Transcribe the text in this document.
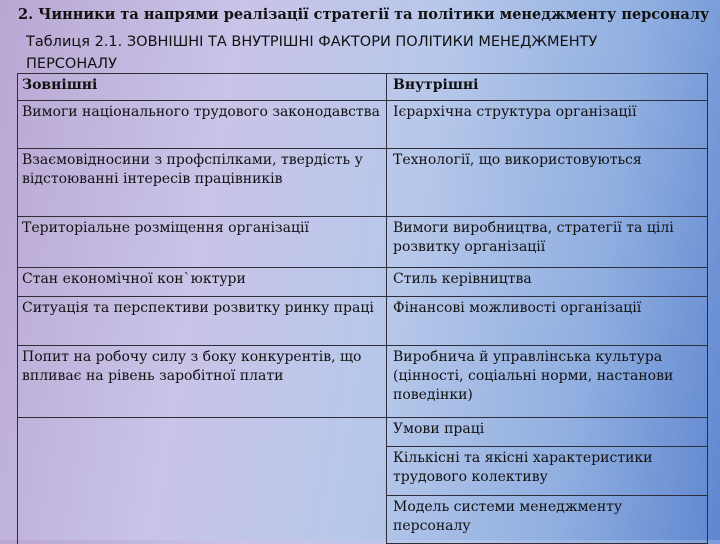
2. Чинники та напрями реалізації стратегії та політики менеджменту персоналу
Таблиця 2.1. ЗОВНІШНІ ТА ВНУТРІШНІ ФАКТОРИ ПОЛІТИКИ МЕНЕДЖМЕНТУ ПЕРСОНАЛУ
Зовнішні	Внутрішні
Вимоги національного трудового законодавства	Ієрархічна структура організації
Взаємовідносини з профспілками, твердість у відстоюванні інтересів працівників	Технології, що використовуються
Територіальне розміщення організації	Вимоги виробництва, стратегії та цілі розвитку організації
Стан економічної кон`юктури	Стиль керівництва
Ситуація та перспективи розвитку ринку праці	Фінансові можливості організації
Попит на робочу силу з боку конкурентів, що впливає на рівень заробітної плати	Виробнича й управлінська культура (цінності, соціальні норми, настанови поведінки)
	Умови праці
	Кількісні та якісні характеристики трудового колективу
	Модель системи менеджменту персоналу
